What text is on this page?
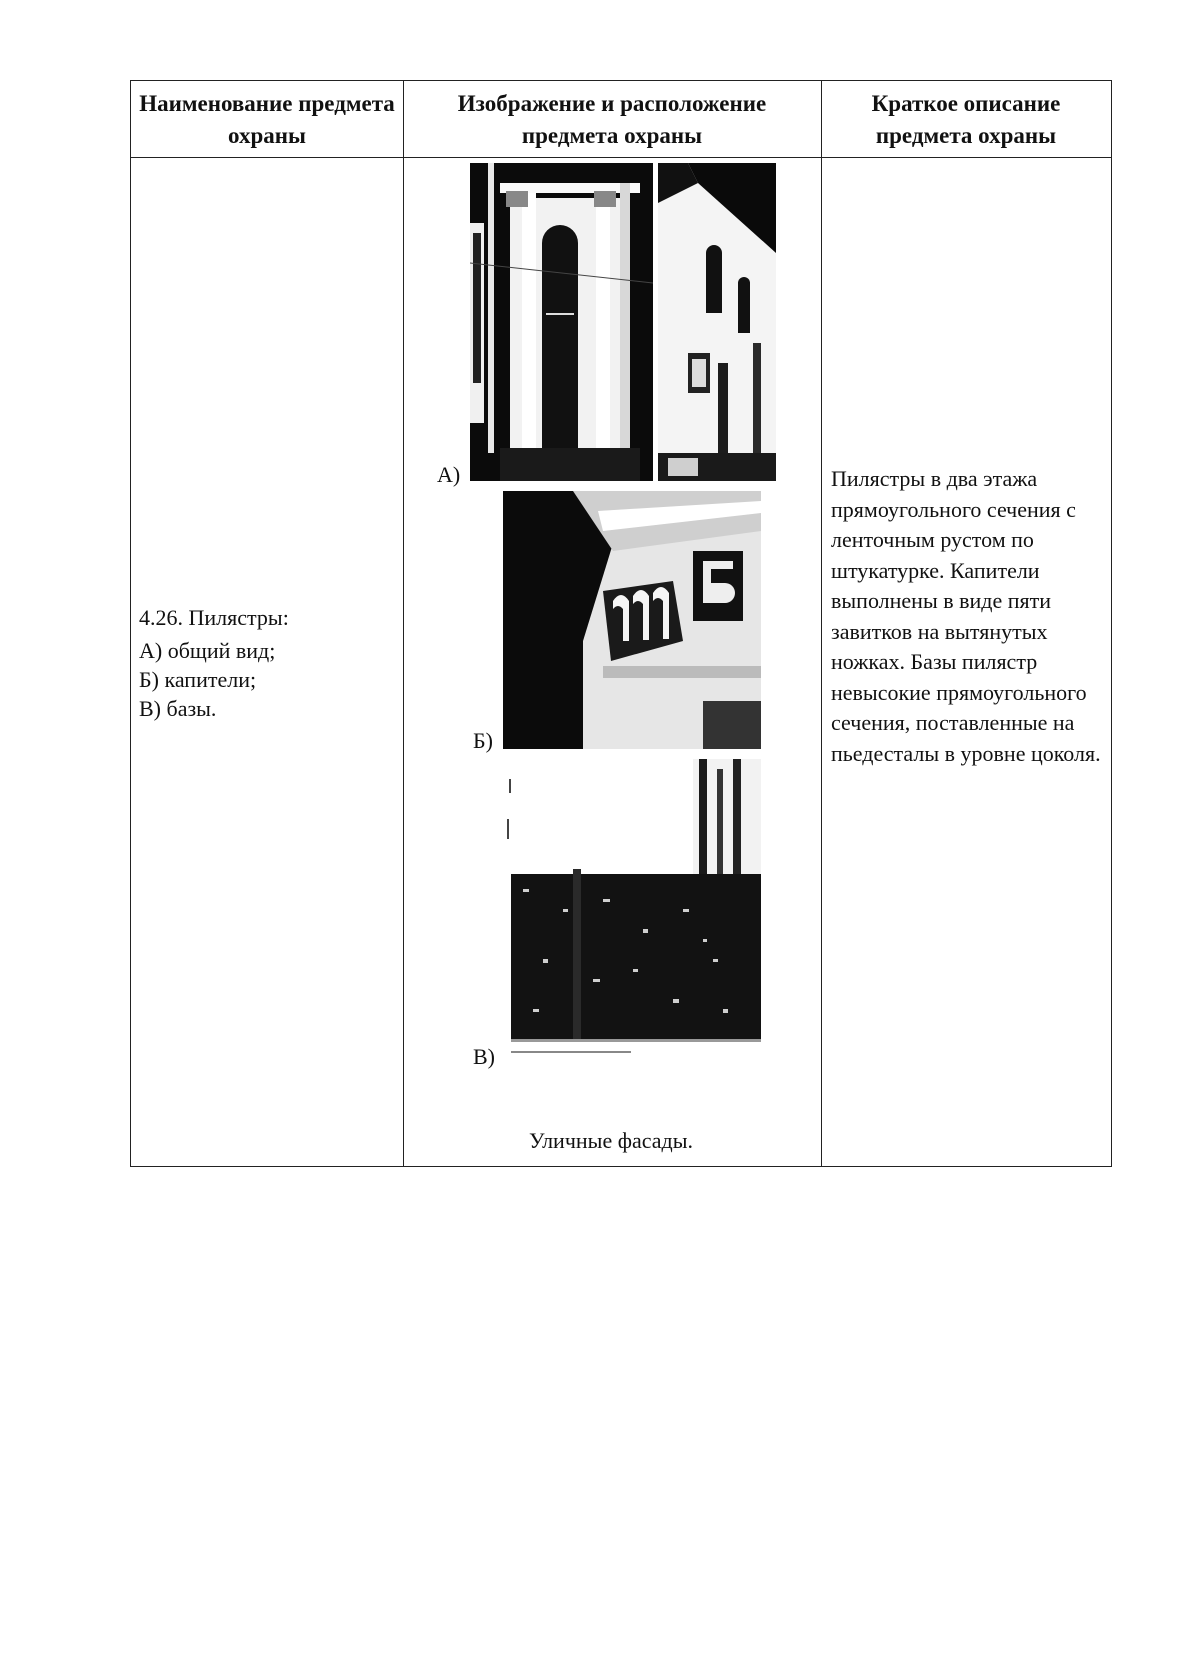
Наименование предмета охраны
Изображение и расположение предмета охраны
Краткое описание предмета охраны
4.26. Пилястры:
А) общий вид;
Б) капители;
В) базы.
А)
Б)
В)
Уличные фасады.
Пилястры в два этажа прямоугольного сечения с ленточным рустом по штукатурке. Капители выполнены в виде пяти завитков на вытянутых ножках. Базы пилястр невысокие прямоугольного сечения, поставленные на пьедесталы в уровне цоколя.
